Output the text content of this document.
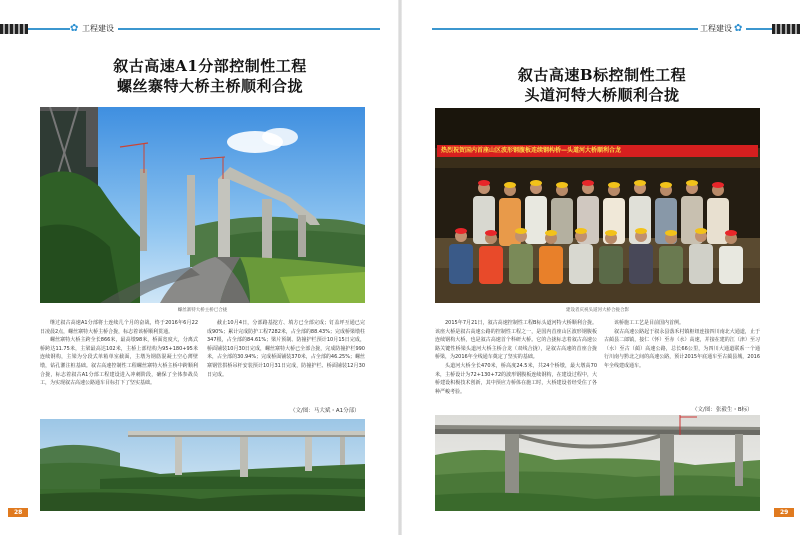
✿ 工程建设
叙古高速A1分部控制性工程
螺丝寨特大桥主桥顺利合拢
螺丝寨特大桥主桥已合拢

继过叙古高速A1分部将士连续几个月的奋战，终于2016年6月22日凌晨2点，螺丝寨特大桥主桥合拢，标志着该桥顺利贯通。

螺丝寨特大桥主跨全长866米，最高墩98米，桥面宽度大，分离式桥跨达11.75米，主梁最高达102米，主桥上部结构为95+180+95米连续钢构，主梁为分段式单箱单室截面，主墩为钢筋混凝土空心薄壁墩，钻孔灌注桩基础。叙古高速控制性工程螺丝寨特大桥主桥中跨顺利合拢，标志着叙古A1分部工程建设进入冲刺阶段，确保了全体参战员工，为实现叙古高速公路通车目标打下了坚实基础。

截止10月4日，分部路基挖方、填方已全部完成；钉盖坪互通已完成90%；累计完成防护工程7282米，占全部的88.43%；完成桥梁墩柱347根，占全部的84.61%；梁片预制、防撞护栏预计10月15日完成，桥面铺装10月30日完成，螺丝寨特大桥已全部合拢，完成防撞护栏990米，占全部的30.94%；完成桥面铺装370米，占全部的46.25%；螺丝寨钢管拱桥吊杆安装预计10月31日完成，防撞护栏、桥面铺装12月30日完成。

（文/图：马大斌・A1分部）
28
工程建设 ✿
叙古高速B标控制性工程
头道河特大桥顺利合拢
热烈祝贺国内首座山区波形钢腹板连续钢构桥—头道河大桥顺利合龙
建设者庆祝头道河大桥合拢合影

2015年7月21日，叙古高速控制性工程B标头道河特大桥顺利合拢。该座大桥是叙古高速公路的控制性工程之一，是国内首座山区波形钢腹板连续钢构大桥，也是叙古高速首个科研大桥。它的合拢标志着叙古高速公路关键性桥梁头道河大桥主桥合龙（双线合拢），是叙古高速的首座合拢桥梁，为2016年全线通车奠定了坚实的基础。

头道河大桥全长470米，桥高度24.5米，共24个桥墩，最大墩高70米，主桥设计为72+130+72的波形钢腹板连续钢构，在建设过程中，大桥建设积极技术创新，其中预应力桥体在施工时，大桥建设者经受住了各种严峻考验。

该桥施工工艺是目前国内首例。

叙古高速公路起于叙永县落禾村镇枢纽连接四川南北大通道，止于古蔺县二郎镇，接仁（怀）至赤（水）高速，并接在建的江（津）至习（水）至古（蔺）高速公路，总长66公里，为四川大通道联系一个通行川南与黔北之间的高速公路，预计2015年底通车至古蔺县城，2016年全线建成通车。

（文/图：张毅生・B标）
29
